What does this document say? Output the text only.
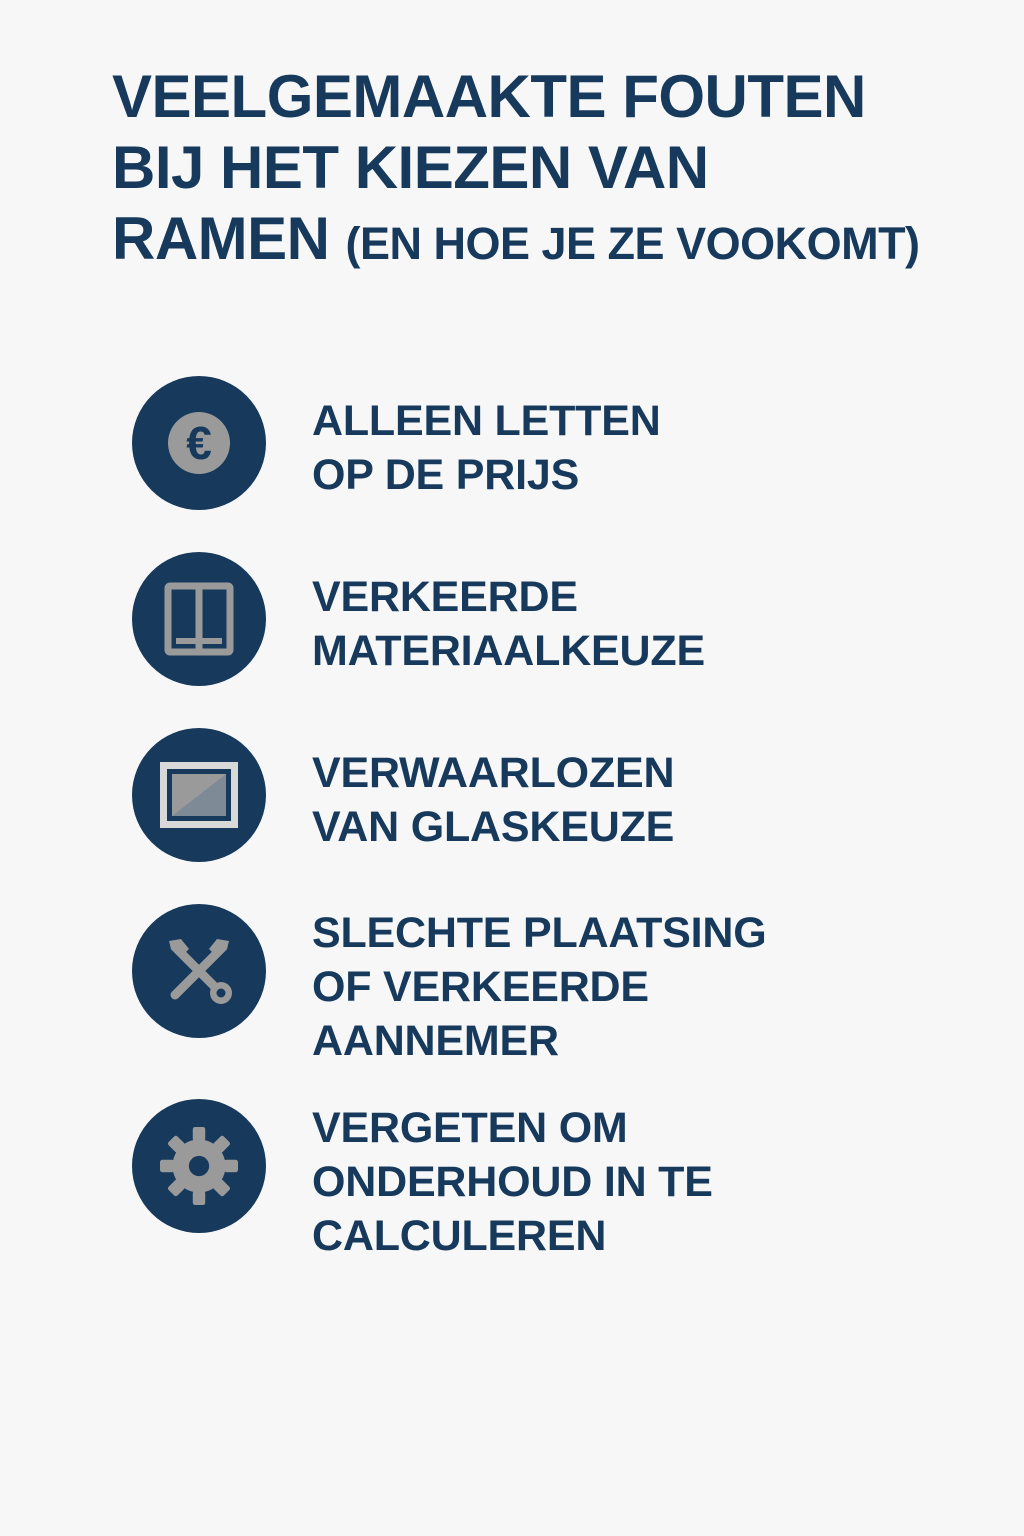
VEELGEMAAKTE FOUTEN
BIJ HET KIEZEN VAN
RAMEN (EN HOE JE ZE VOOKOMT)
€ ALLEEN LETTEN
OP DE PRIJS
VERKEERDE
MATERIAALKEUZE
VERWAARLOZEN
VAN GLASKEUZE
SLECHTE PLAATSING
OF VERKEERDE
AANNEMER
VERGETEN OM
ONDERHOUD IN TE
CALCULEREN
